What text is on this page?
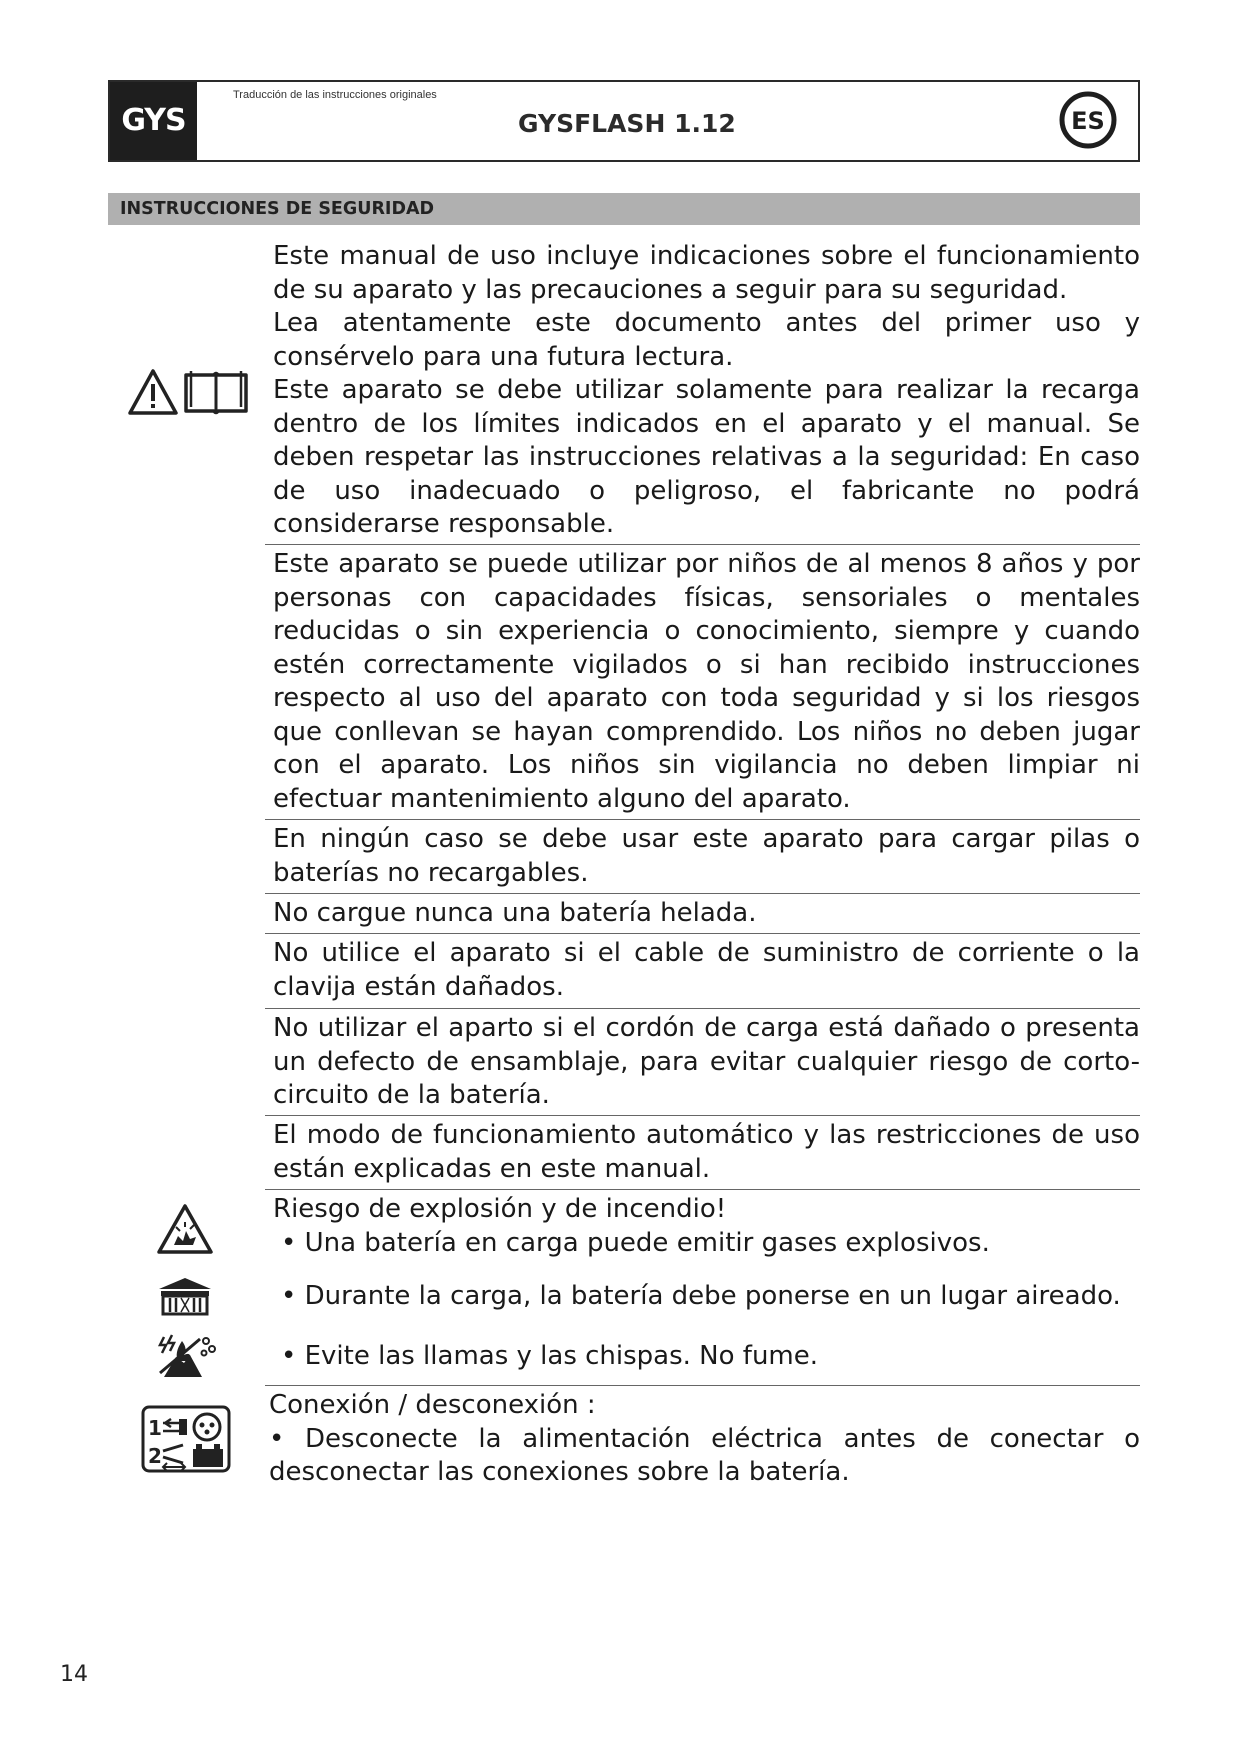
GYS
Traducción de las instrucciones originales
GYSFLASH 1.12	ES
INSTRUCCIONES DE SEGURIDAD
1
2

Este manual de uso incluye indicaciones sobre el funcionamiento de su aparato y las precauciones a seguir para su seguridad.

Lea atentamente este documento antes del primer uso y consérvelo para una futura lectura.

Este aparato se debe utilizar solamente para realizar la recarga dentro de los límites indicados en el aparato y el manual. Se deben respetar las instrucciones relativas a la seguridad: En caso de uso inadecuado o peligroso, el fabricante no podrá considerarse responsable.

Este aparato se puede utilizar por niños de al menos 8 años y por personas con capacidades físicas, sensoriales o mentales reducidas o sin experiencia o conocimiento, siempre y cuando estén correctamente vigilados o si han recibido instrucciones respecto al uso del aparato con toda seguridad y si los riesgos que conllevan se hayan comprendido. Los niños no deben jugar con el aparato. Los niños sin vigilancia no deben limpiar ni efectuar mantenimiento alguno del aparato.

En ningún caso se debe usar este aparato para cargar pilas o baterías no recargables.

No cargue nunca una batería helada.

No utilice el aparato si el cable de suministro de corriente o la clavija están dañados.

No utilizar el aparto si el cordón de carga está dañado o presenta un defecto de ensamblaje, para evitar cualquier riesgo de corto-circuito de la batería.

El modo de funcionamiento automático y las restricciones de uso están explicadas en este manual.

Riesgo de explosión y de incendio!

• Una batería en carga puede emitir gases explosivos.

• Durante la carga, la batería debe ponerse en un lugar aireado.

• Evite las llamas y las chispas. No fume.

Conexión / desconexión :

• Desconecte la alimentación eléctrica antes de conectar o desconectar las conexiones sobre la batería.

14
